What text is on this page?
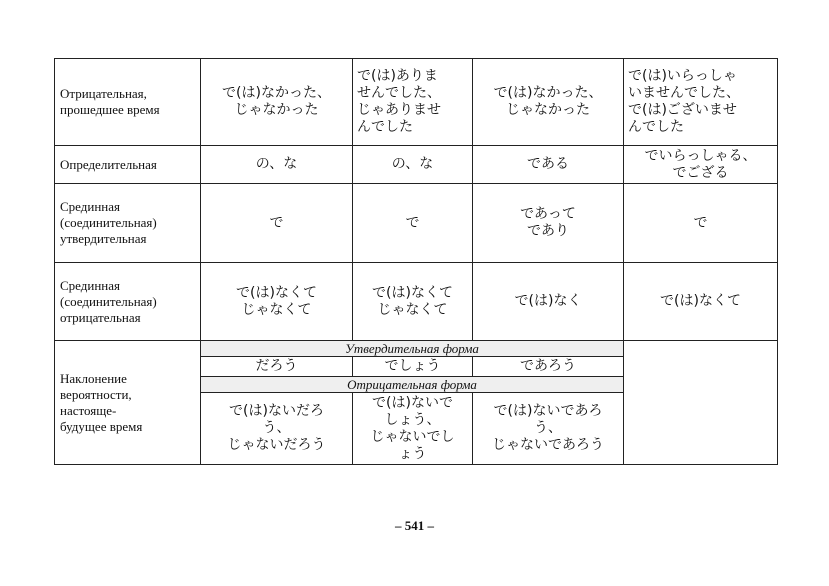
Отрицательная,
прошедшее время	で(は)なかった、
じゃなかった	で(は)ありま
せんでした、
じゃありませ
んでした	で(は)なかった、
じゃなかった	で(は)いらっしゃ
いませんでした、
で(は)ございませ
んでした

Определительная	の、な	の、な	である	でいらっしゃる、
でござる

Срединная
(соединительная)
утвердительная	で	で	であって
であり	で

Срединная
(соединительная)
отрицательная	で(は)なくて
じゃなくて	で(は)なくて
じゃなくて	で(は)なく	で(は)なくて

Наклонение
вероятности,
настояще-
будущее время	Утвердительная форма			
	だろう	でしょう	であろう	
	Отрицательная форма			

	で(は)ないだろ
う、
じゃないだろう	で(は)ないで
しょう、
じゃないでし
ょう	で(は)ないであろ
う、
じゃないであろう	
– 541 –
